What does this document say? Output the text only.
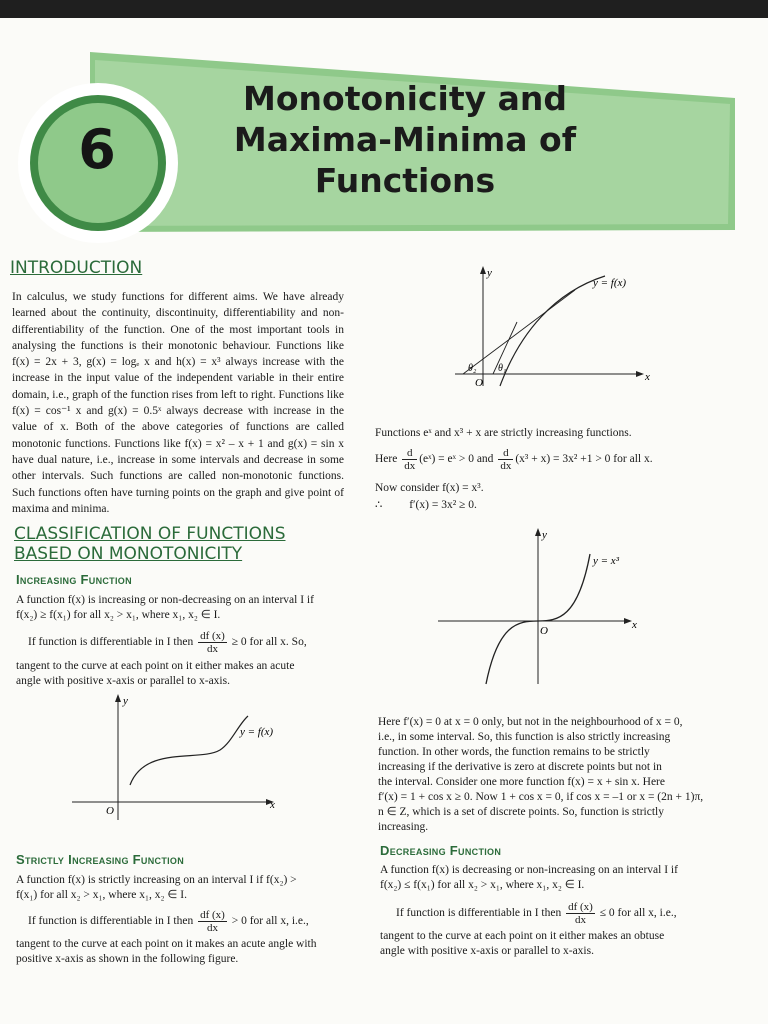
6
Monotonicity and
Maxima-Minima of
Functions
INTRODUCTION
In calculus, we study functions for different aims. We have already learned about the continuity, discontinuity, differentiability and non-differentiability of the function. One of the most important tools in analysing the functions is their monotonic behaviour. Functions like f(x) = 2x + 3, g(x) = logₑ x and h(x) = x³ always increase with the increase in the input value of the independent variable in their entire domain, i.e., graph of the function rises from left to right. Functions like f(x) = cos⁻¹ x and g(x) = 0.5ˣ always decrease with increase in the value of x. Both of the above categories of functions are called monotonic functions. Functions like f(x) = x² – x + 1 and g(x) = sin x have dual nature, i.e., increase in some intervals and decrease in some other intervals. Such functions are called non-monotonic functions. Such functions often have turning points on the graph and give point of maxima and minima.
CLASSIFICATION OF FUNCTIONS
BASED ON MONOTONICITY
Increasing Function
A function f(x) is increasing or non-decreasing on an interval I if
f(x₂) ≥ f(x₁) for all x₂ > x₁, where x₁, x₂ ∈ I.
If function is differentiable in I then $\frac{df (x)}{dx} \ge 0$ for all x. So,
tangent to the curve at each point on it either makes an acute
angle with positive x-axis or parallel to x-axis.
y
x
O
y = f(x)
Strictly Increasing Function
A function f(x) is strictly increasing on an interval I if f(x₂) >
f(x₁) for all x₂ > x₁, where x₁, x₂ ∈ I.
If function is differentiable in I then $\frac{df (x)}{dx} > 0$ for all x, i.e.,
tangent to the curve at each point on it makes an acute angle with
positive x-axis as shown in the following figure.
y
x
O
y = f(x)
θ₂ θ₁
Functions eˣ and x³ + x are strictly increasing functions.
Here $\frac{d}{dx}$ (eˣ) = eˣ > 0 and $\frac{d}{dx} (x^3 + x) = 3x^2 +1 > 0$ for all x.
Now consider f(x) = x³.
∴ f′(x) = 3x² ≥ 0.
y
x
O
y = x³
Here f′(x) = 0 at x = 0 only, but not in the neighbourhood of x = 0,
i.e., in some interval. So, this function is also strictly increasing
function. In other words, the function remains to be strictly
increasing if the derivative is zero at discrete points but not in
the interval. Consider one more function f(x) = x + sin x. Here
f′(x) = 1 + cos x ≥ 0. Now 1 + cos x = 0, if cos x = –1 or x = (2n + 1)π,
n ∈ Z, which is a set of discrete points. So, function is strictly
increasing.
Decreasing Function
A function f(x) is decreasing or non-increasing on an interval I if
f(x₂) ≤ f(x₁) for all x₂ > x₁, where x₁, x₂ ∈ I.
If function is differentiable in I then $\frac{df (x)}{dx} \le 0$ for all x, i.e.,
tangent to the curve at each point on it either makes an obtuse
angle with positive x-axis or parallel to x-axis.
